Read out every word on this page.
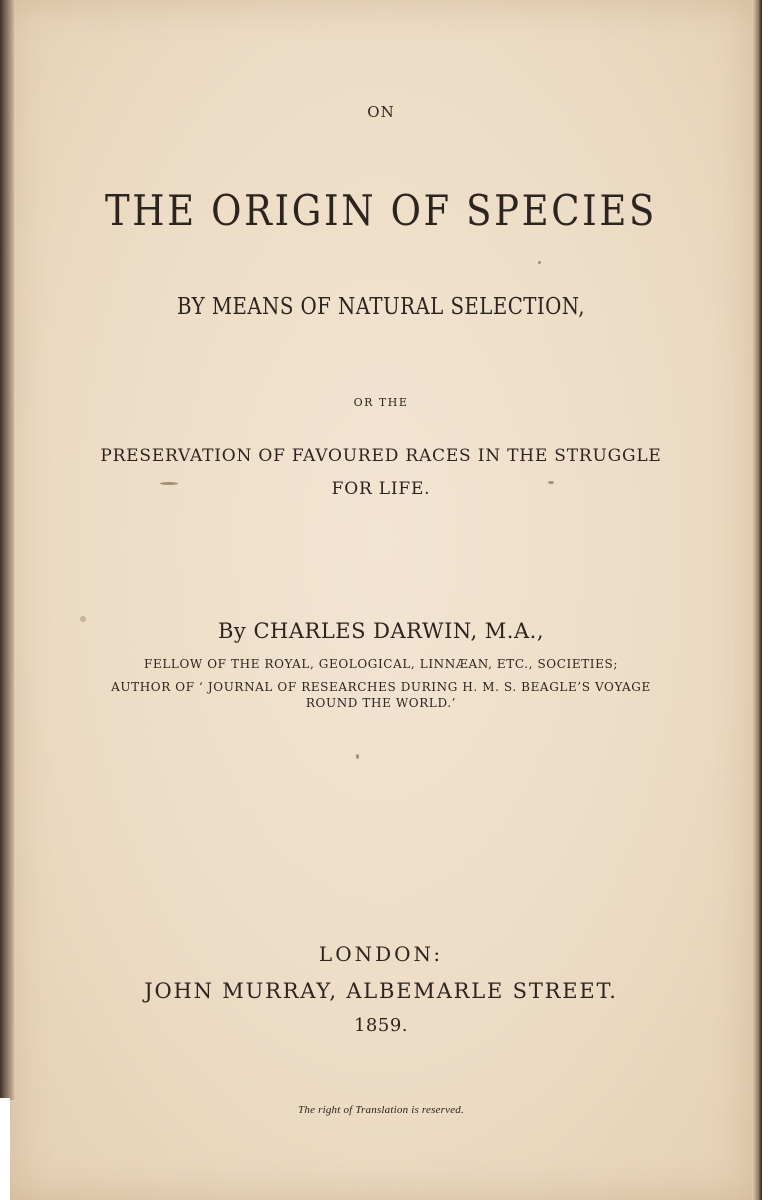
ON

THE ORIGIN OF SPECIES

BY MEANS OF NATURAL SELECTION,

OR THE

PRESERVATION OF FAVOURED RACES IN THE STRUGGLE

FOR LIFE.

By CHARLES DARWIN, M.A.,

FELLOW OF THE ROYAL, GEOLOGICAL, LINNÆAN, ETC., SOCIETIES;

AUTHOR OF ‘ JOURNAL OF RESEARCHES DURING H. M. S. BEAGLE’S VOYAGE

ROUND THE WORLD.’

LONDON:

JOHN MURRAY, ALBEMARLE STREET.

1859.

The right of Translation is reserved.
